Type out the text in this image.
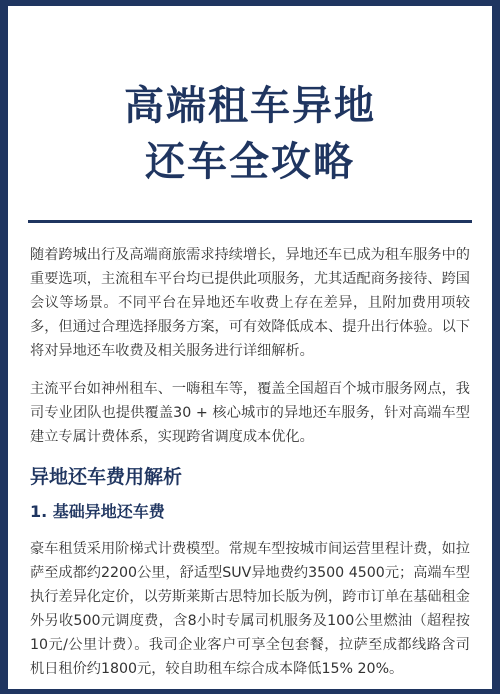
高端租车异地
还车全攻略

随着跨城出行及高端商旅需求持续增长，异地还车已成为租车服务中的重要选项，主流租车平台均已提供此项服务，尤其适配商务接待、跨国会议等场景。不同平台在异地还车收费上存在差异，且附加费用项较多，但通过合理选择服务方案，可有效降低成本、提升出行体验。以下将对异地还车收费及相关服务进行详细解析。

主流平台如神州租车、一嗨租车等，覆盖全国超百个城市服务网点，我司专业团队也提供覆盖30 + 核心城市的异地还车服务，针对高端车型建立专属计费体系，实现跨省调度成本优化。

异地还车费用解析
1. 基础异地还车费

豪车租赁采用阶梯式计费模型。常规车型按城市间运营里程计费，如拉萨至成都约2200公里，舒适型SUV异地费约3500 4500元；高端车型执行差异化定价，以劳斯莱斯古思特加长版为例，跨市订单在基础租金外另收500元调度费，含8小时专属司机服务及100公里燃油（超程按10元/公里计费）。我司企业客户可享全包套餐，拉萨至成都线路含司机日租价约1800元，较自助租车综合成本降低15% 20%。
